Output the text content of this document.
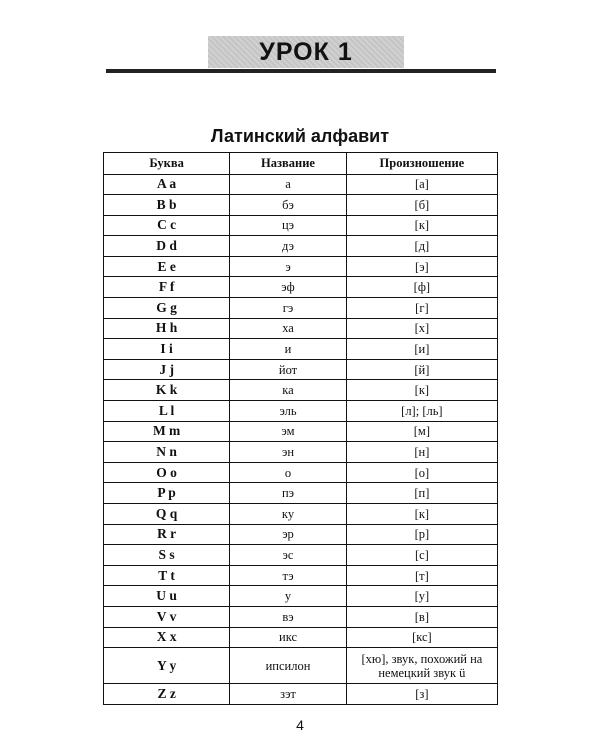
УРОК 1
Латинский алфавит
Буква	Название	Произношение
A a	а	[а]
B b	бэ	[б]
C c	цэ	[к]
D d	дэ	[д]
E e	э	[э]
F f	эф	[ф]
G g	гэ	[г]
H h	ха	[х]
I i	и	[и]
J j	йот	[й]
K k	ка	[к]
L l	эль	[л]; [ль]
M m	эм	[м]
N n	эн	[н]
O o	о	[о]
P p	пэ	[п]
Q q	ку	[к]
R r	эр	[р]
S s	эс	[с]
T t	тэ	[т]
U u	у	[у]
V v	вэ	[в]
X x	икс	[кс]
Y y	ипсилон	[хю], звук, похожий на немецкий звук ü
Z z	зэт	[з]
4
